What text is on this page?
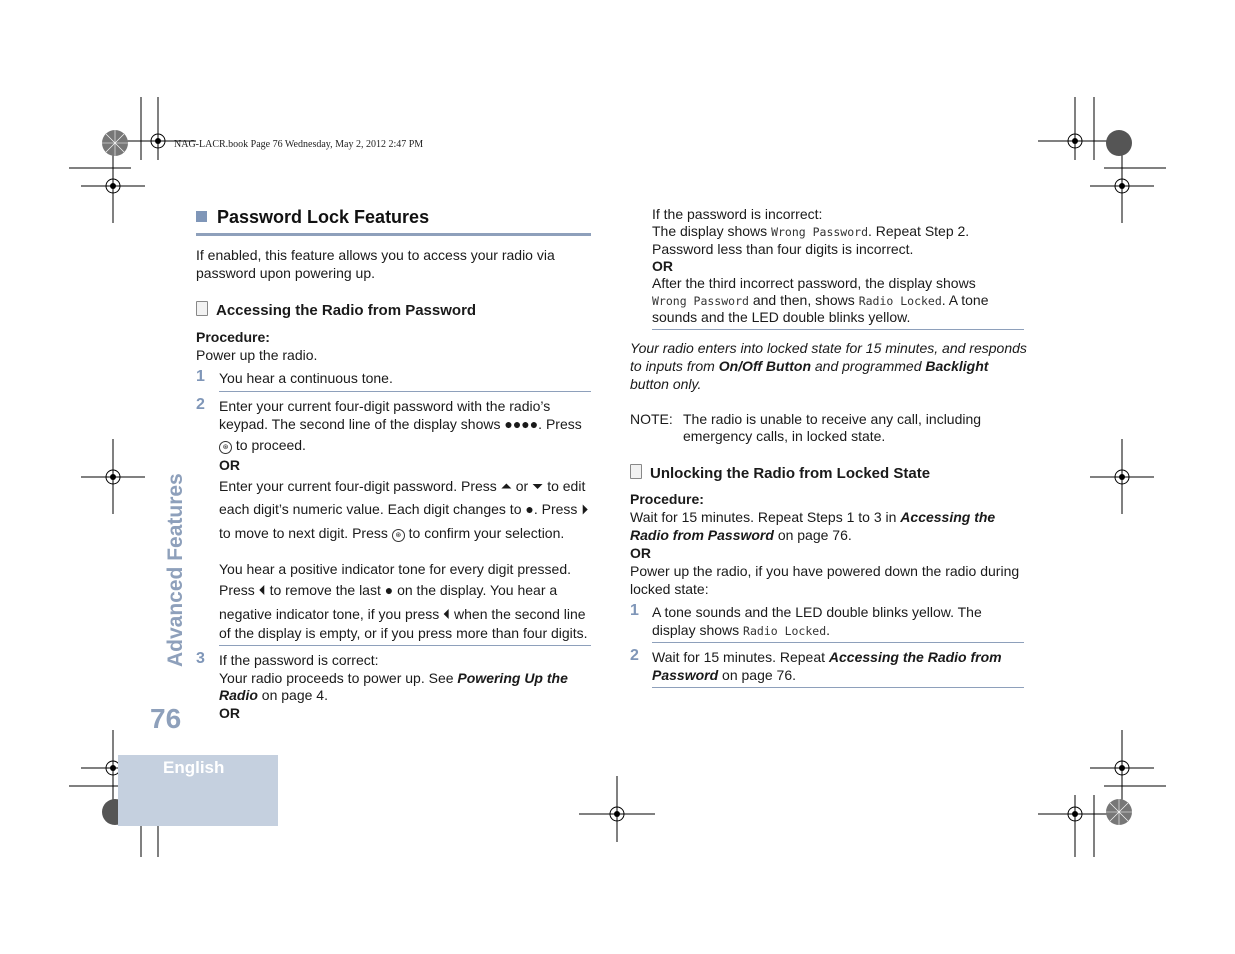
NAG-LACR.book Page 76 Wednesday, May 2, 2012 2:47 PM
Password Lock Features
If enabled, this feature allows you to access your radio via password upon powering up.
Accessing the Radio from Password
Procedure:
Power up the radio.
1 You hear a continuous tone.
2 Enter your current four-digit password with the radio’s
keypad. The second line of the display shows ●●●●. Press
⊛ to proceed.
OR
Enter your current four-digit password. Press ⏶ or ⏷ to edit
each digit’s numeric value. Each digit changes to ●. Press ⏵
to move to next digit. Press ⊛ to confirm your selection.
You hear a positive indicator tone for every digit pressed.
Press ⏴ to remove the last ● on the display. You hear a
negative indicator tone, if you press ⏴ when the second line
of the display is empty, or if you press more than four digits.
3 If the password is correct:
Your radio proceeds to power up. See Powering Up the
Radio on page 4.
OR
If the password is incorrect:
The display shows Wrong Password. Repeat Step 2.
Password less than four digits is incorrect.
OR
After the third incorrect password, the display shows
Wrong Password and then, shows Radio Locked. A tone
sounds and the LED double blinks yellow.
Your radio enters into locked state for 15 minutes, and responds
to inputs from On/Off Button and programmed Backlight
button only.
NOTE: The radio is unable to receive any call, including
emergency calls, in locked state.
Unlocking the Radio from Locked State
Procedure:
Wait for 15 minutes. Repeat Steps 1 to 3 in Accessing the
Radio from Password on page 76.
OR
Power up the radio, if you have powered down the radio during
locked state:
1 A tone sounds and the LED double blinks yellow. The
display shows Radio Locked.
2 Wait for 15 minutes. Repeat Accessing the Radio from
Password on page 76.
Advanced Features
76
English
